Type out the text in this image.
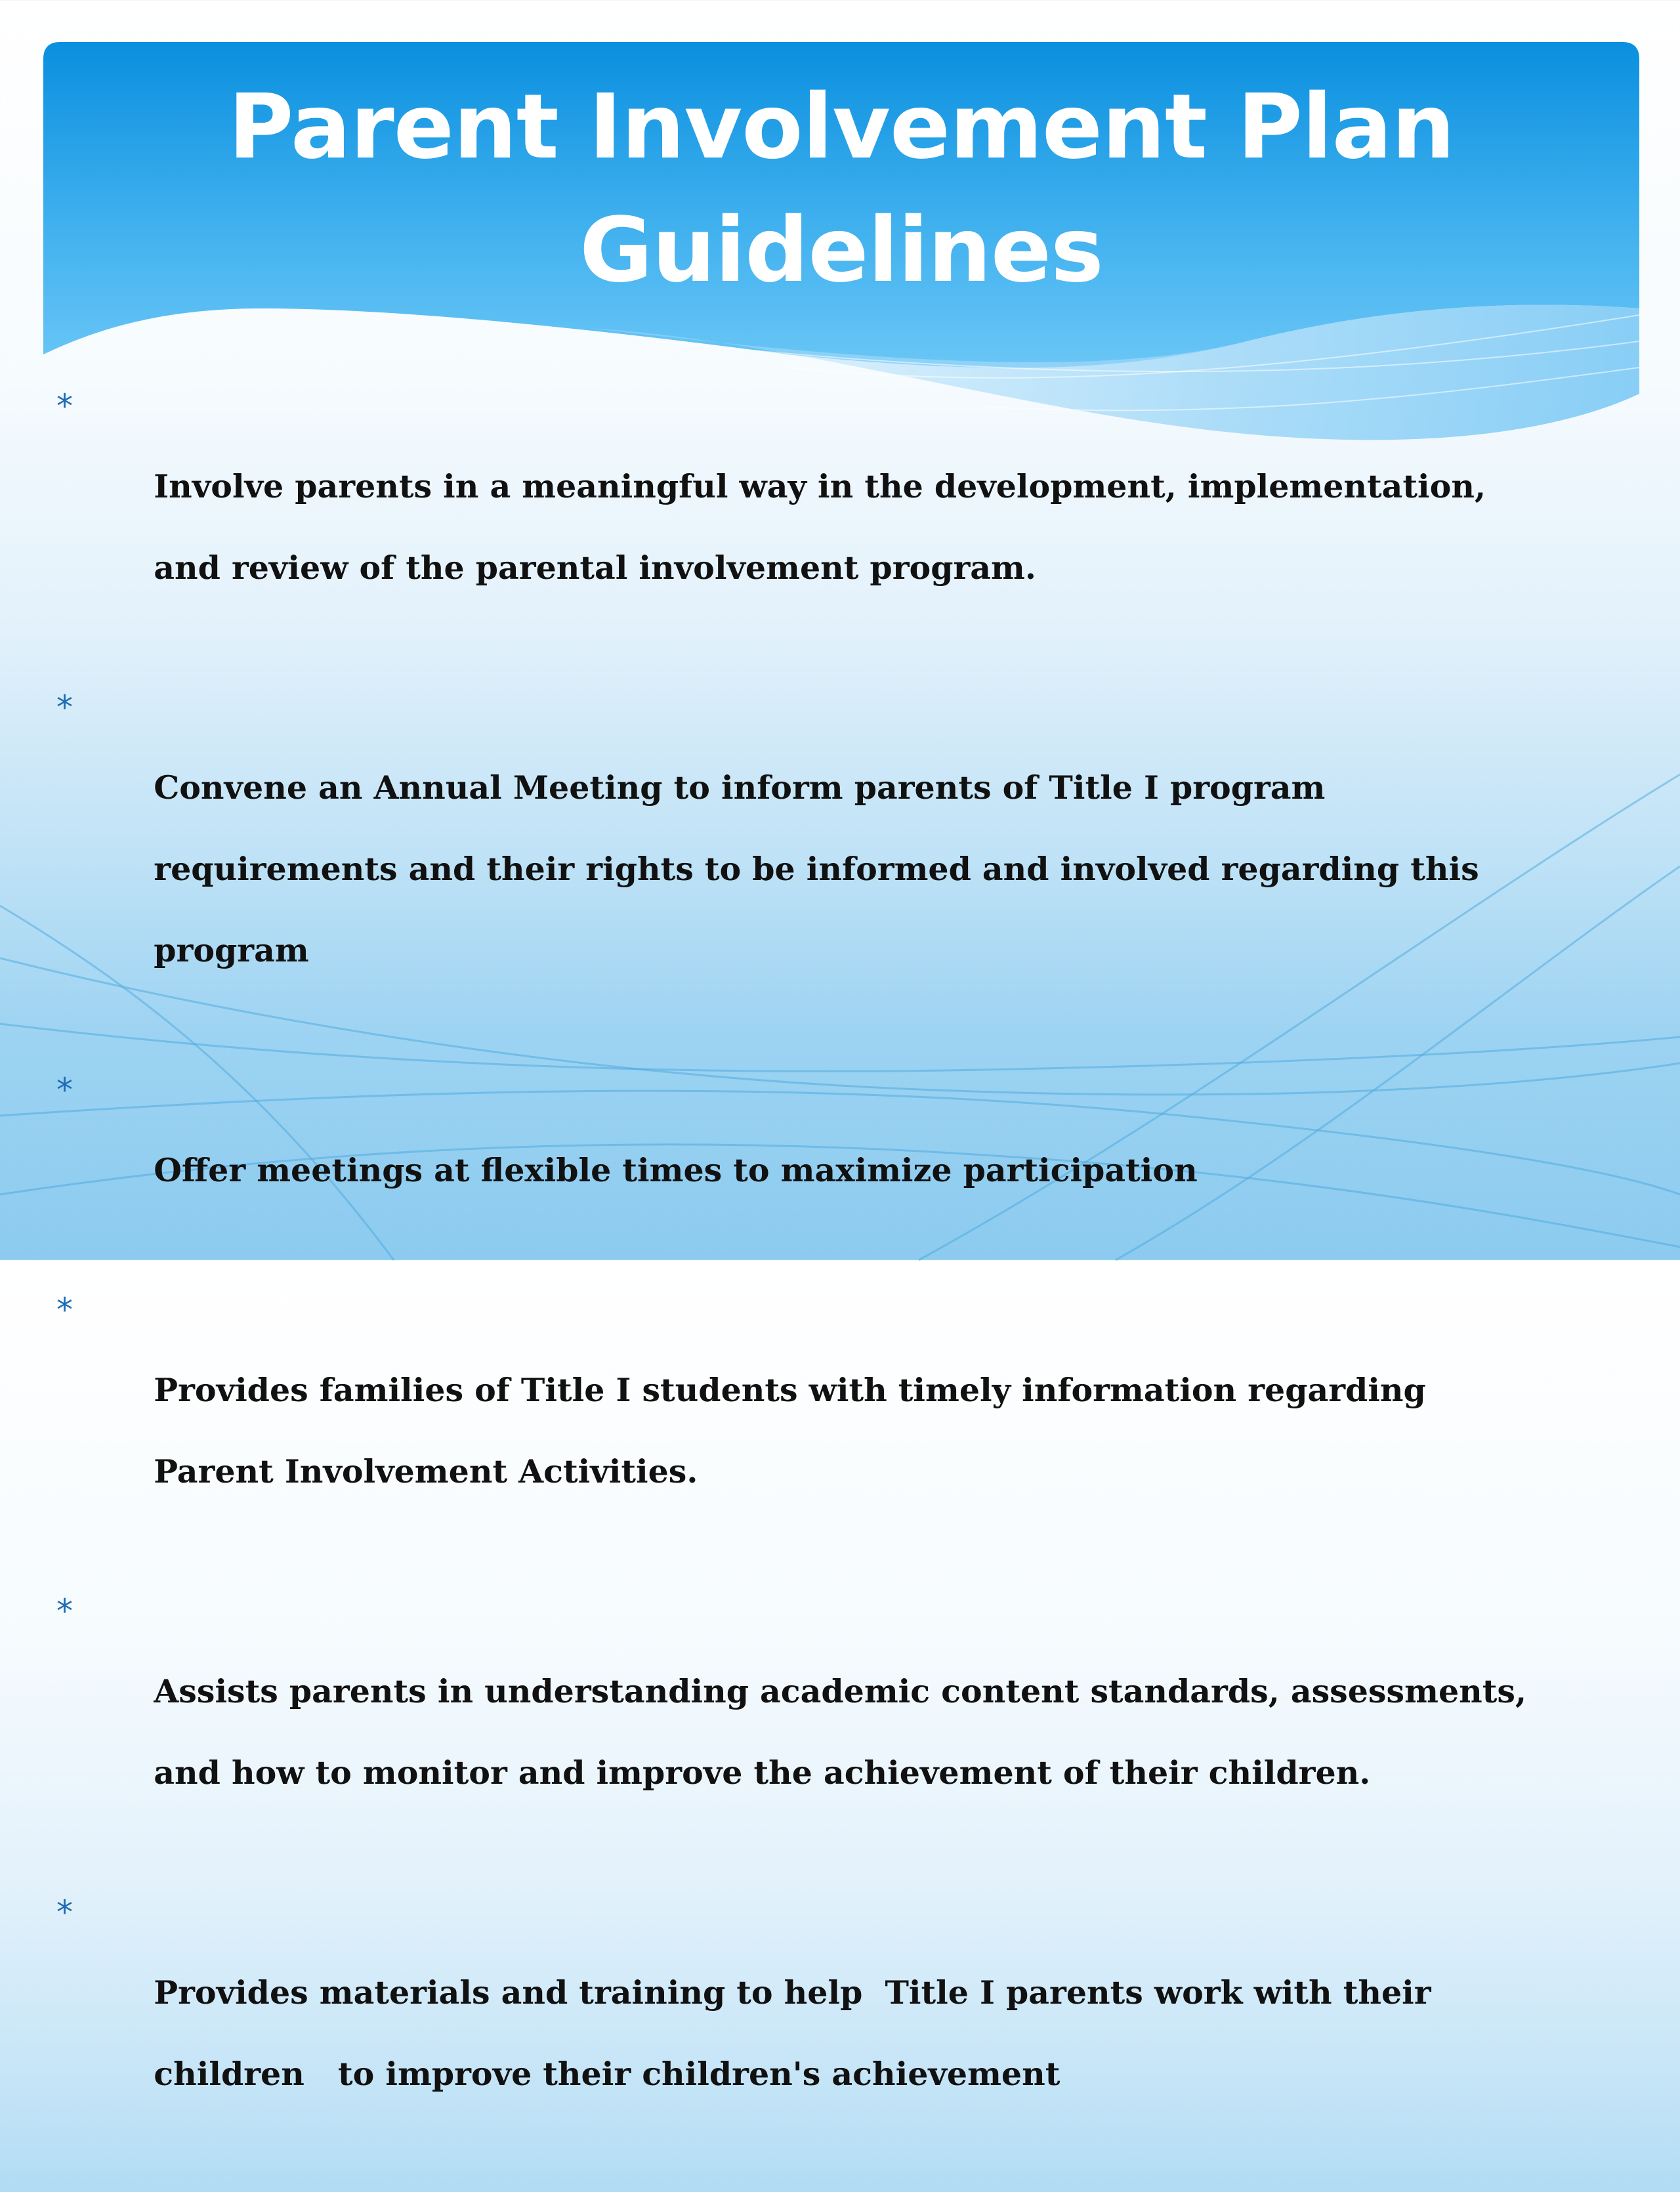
Parent Involvement Plan
Guidelines

*

Involve parents in a meaningful way in the development, implementation,

and review of the parental involvement program.

*

Convene an Annual Meeting to inform parents of Title I program

requirements and their rights to be informed and involved regarding this

program

*

Offer meetings at flexible times to maximize participation

*

Provides families of Title I students with timely information regarding

Parent Involvement Activities.

*

Assists parents in understanding academic content standards, assessments,

and how to monitor and improve the achievement of their children.

*

Provides materials and training to help  Title I parents work with their

children   to improve their children's achievement
